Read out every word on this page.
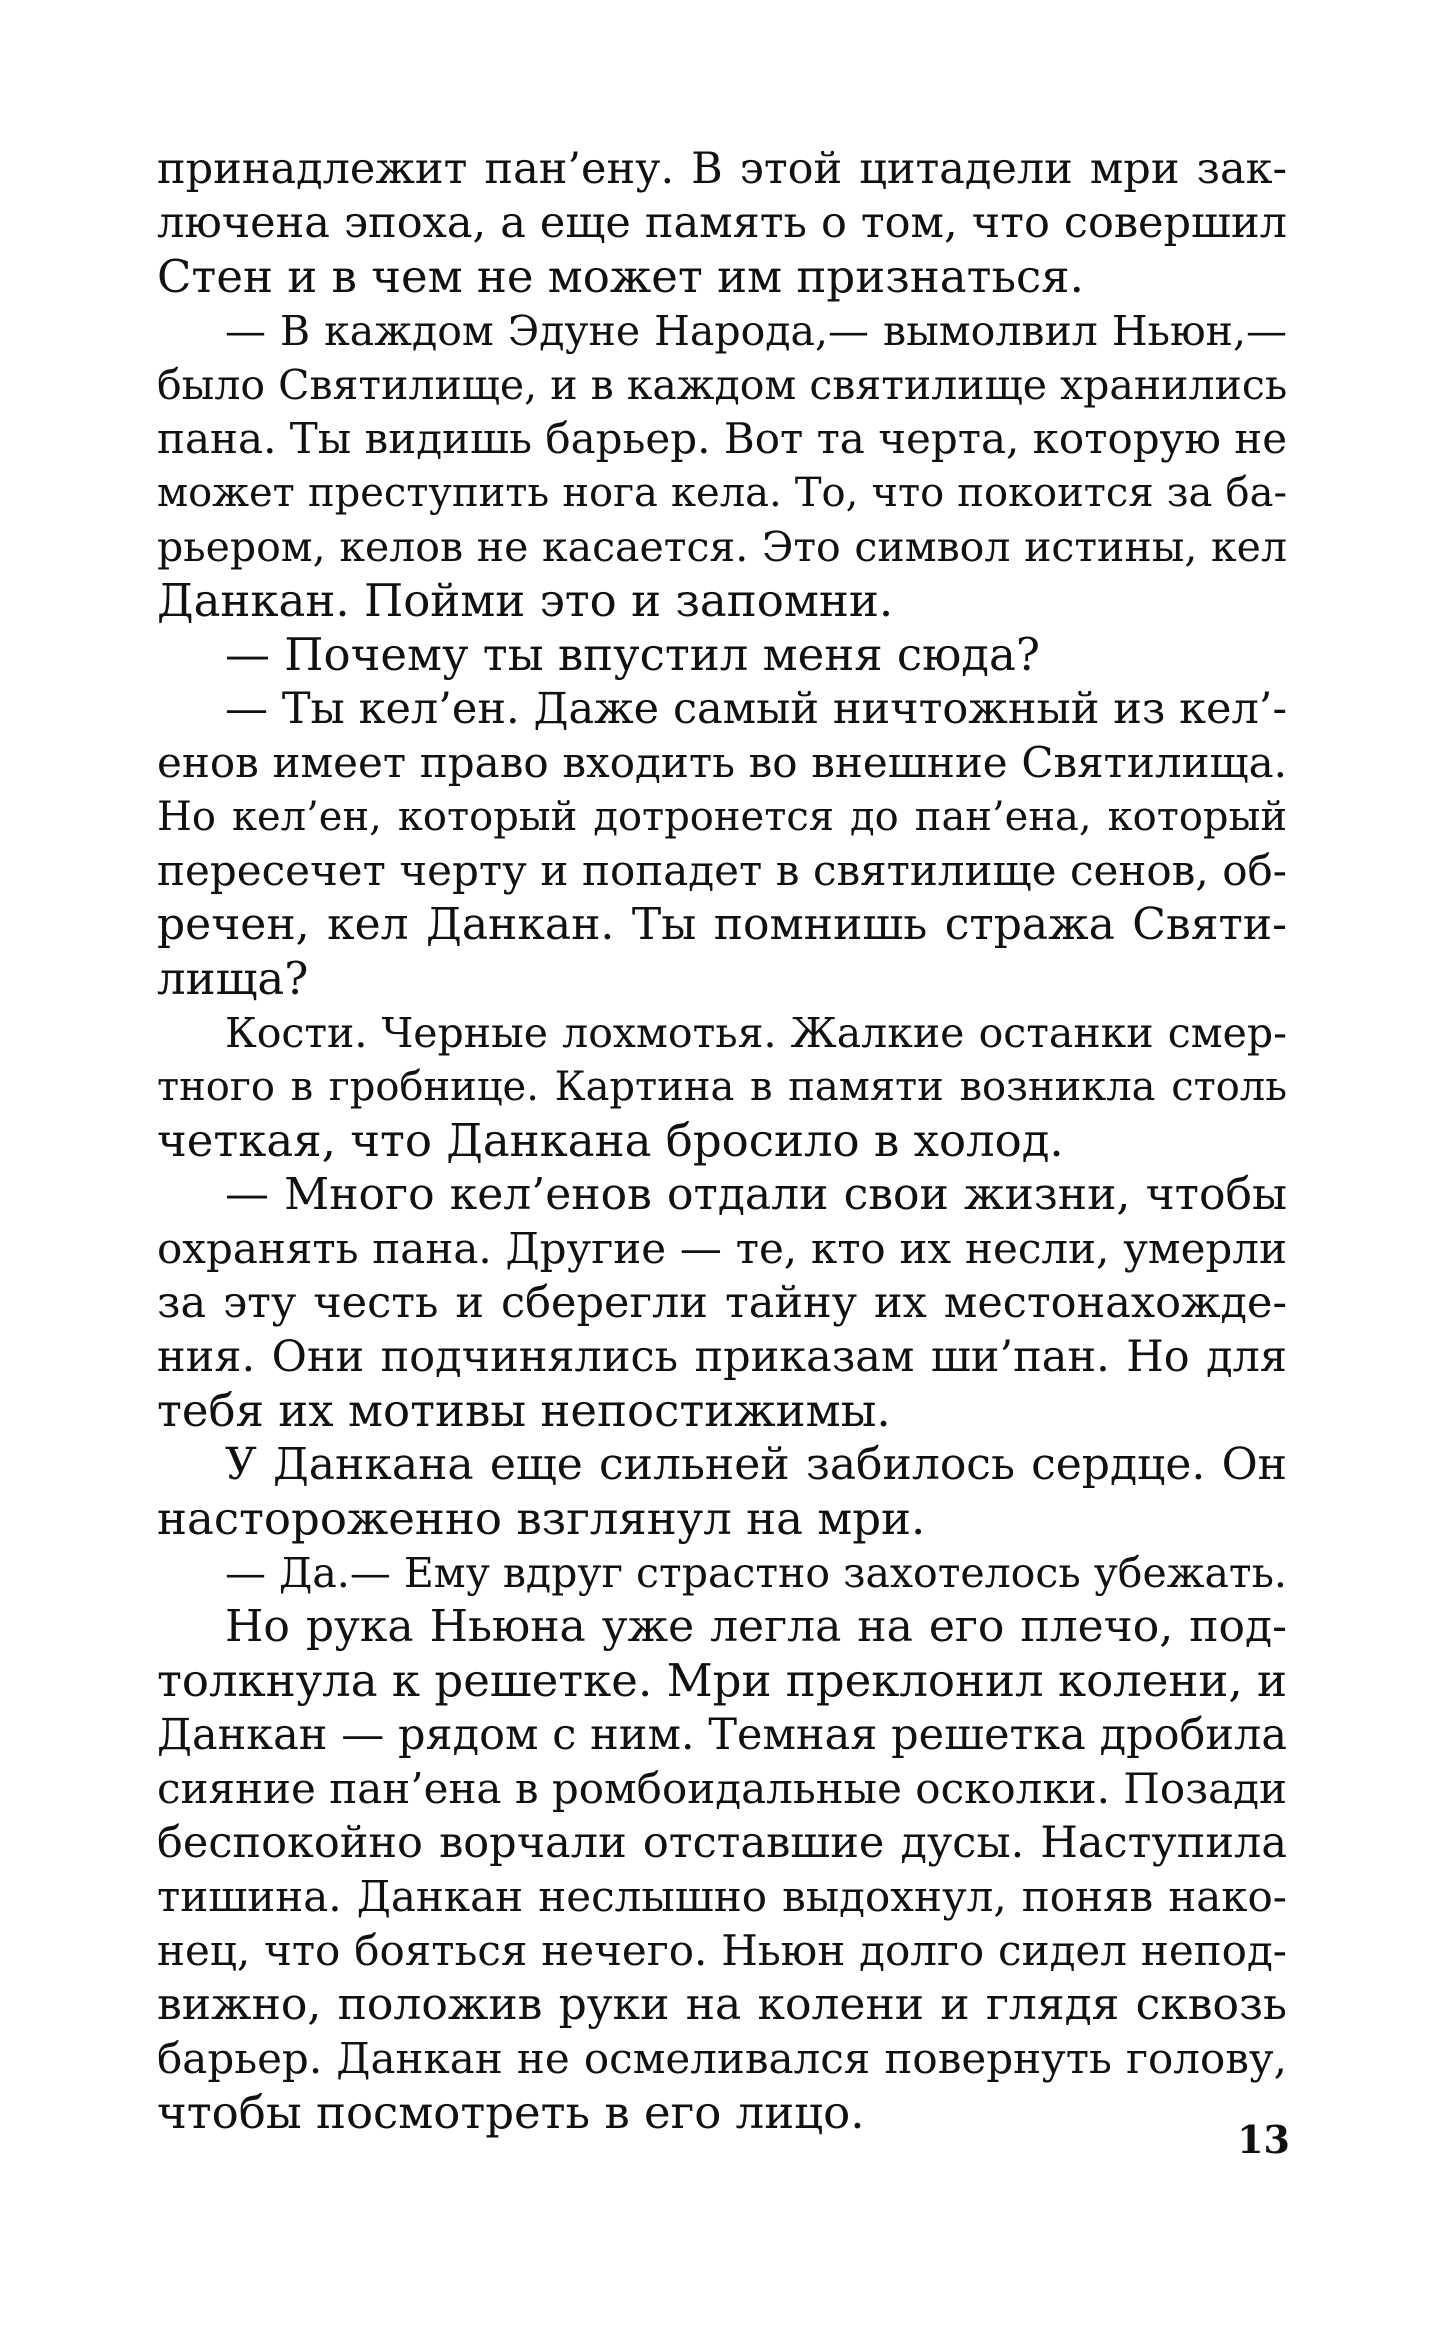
принадлежит пан’ену. В этой цитадели мри зак-
лючена эпоха, а еще память о том, что совершил
Стен и в чем не может им признаться.
— В каждом Эдуне Народа,— вымолвил Ньюн,—
было Святилище, и в каждом святилище хранились
пана. Ты видишь барьер. Вот та черта, которую не
может преступить нога кела. То, что покоится за ба-
рьером, келов не касается. Это символ истины, кел
Данкан. Пойми это и запомни.
— Почему ты впустил меня сюда?
— Ты кел’ен. Даже самый ничтожный из кел’-
енов имеет право входить во внешние Святилища.
Но кел’ен, который дотронется до пан’ена, который
пересечет черту и попадет в святилище сенов, об-
речен, кел Данкан. Ты помнишь стража Святи-
лища?
Кости. Черные лохмотья. Жалкие останки смер-
тного в гробнице. Картина в памяти возникла столь
четкая, что Данкана бросило в холод.
— Много кел’енов отдали свои жизни, чтобы
охранять пана. Другие — те, кто их несли, умерли
за эту честь и сберегли тайну их местонахожде-
ния. Они подчинялись приказам ши’пан. Но для
тебя их мотивы непостижимы.
У Данкана еще сильней забилось сердце. Он
настороженно взглянул на мри.
— Да.— Ему вдруг страстно захотелось убежать.
Но рука Ньюна уже легла на его плечо, под-
толкнула к решетке. Мри преклонил колени, и
Данкан — рядом с ним. Темная решетка дробила
сияние пан’ена в ромбоидальные осколки. Позади
беспокойно ворчали отставшие дусы. Наступила
тишина. Данкан неслышно выдохнул, поняв нако-
нец, что бояться нечего. Ньюн долго сидел непод-
вижно, положив руки на колени и глядя сквозь
барьер. Данкан не осмеливался повернуть голову,
чтобы посмотреть в его лицо.
13
